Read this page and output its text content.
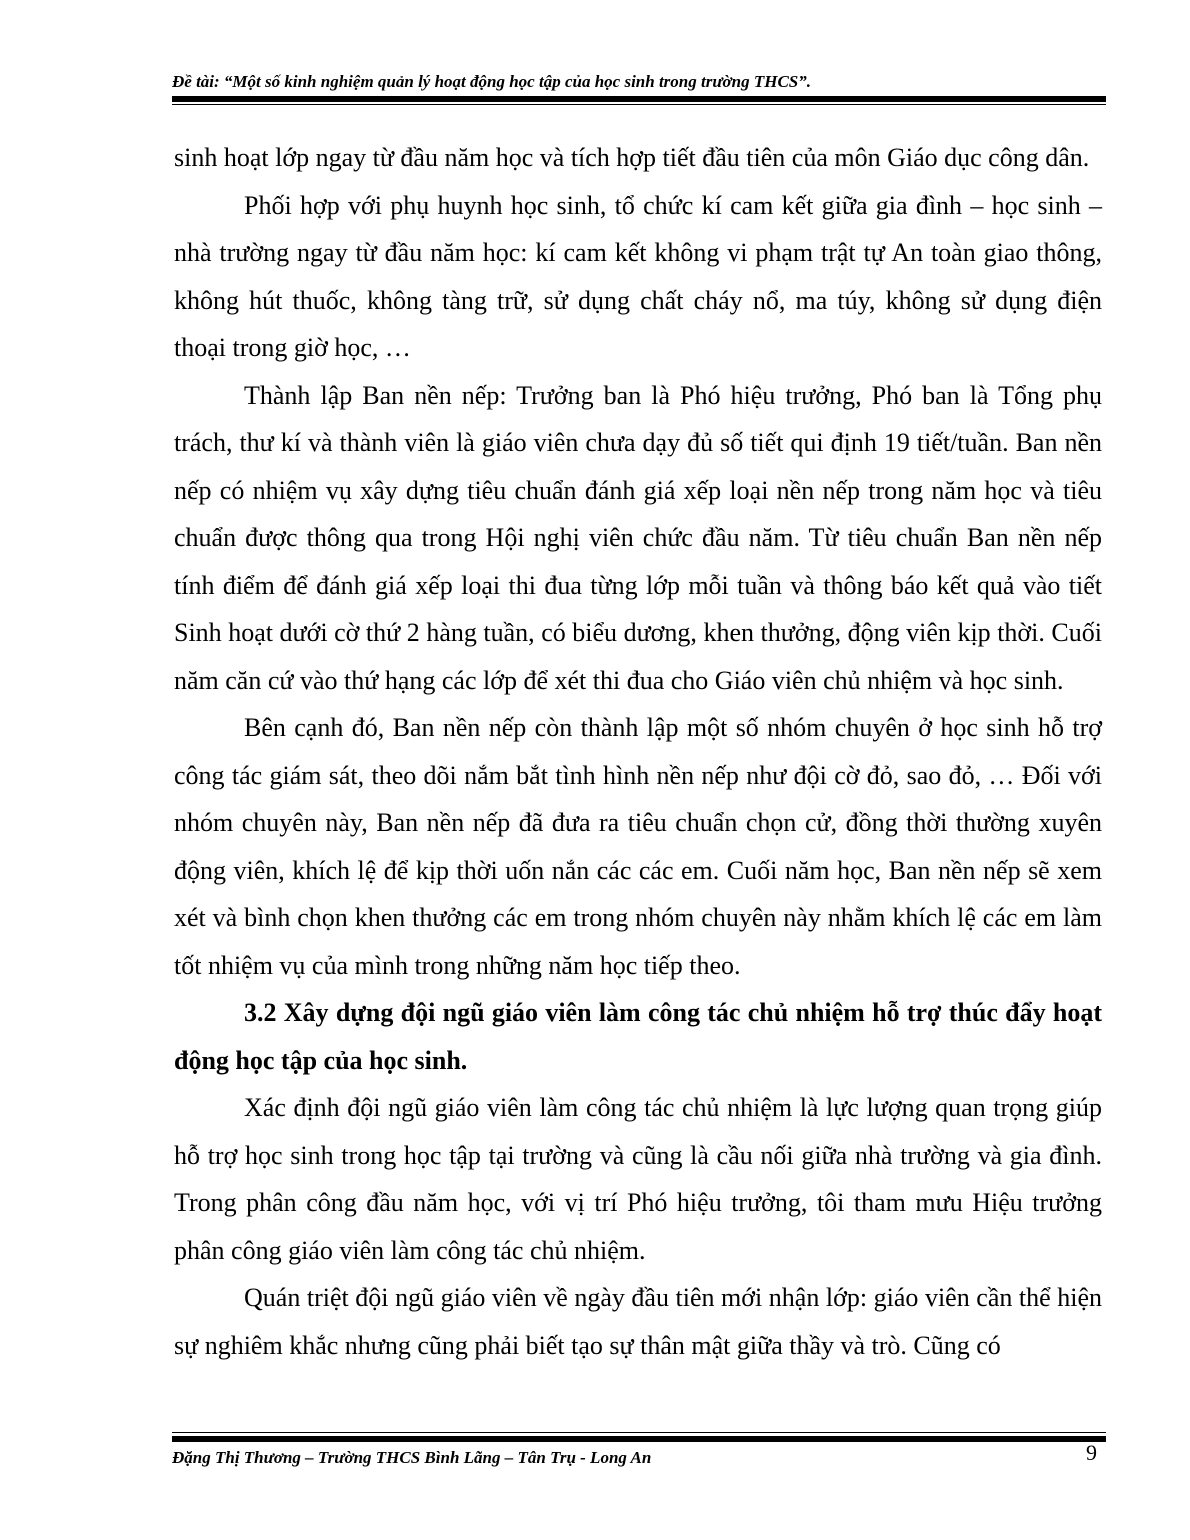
Đề tài: “Một số kinh nghiệm quản lý hoạt động học tập của học sinh trong trường THCS”.

sinh hoạt lớp ngay từ đầu năm học và tích hợp tiết đầu tiên của môn Giáo dục công dân.

Phối hợp với phụ huynh học sinh, tổ chức kí cam kết giữa gia đình – học sinh – nhà trường ngay từ đầu năm học: kí cam kết không vi phạm trật tự An toàn giao thông, không hút thuốc, không tàng trữ, sử dụng chất cháy nổ, ma túy, không sử dụng điện thoại trong giờ học, …

Thành lập Ban nền nếp: Trưởng ban là Phó hiệu trưởng, Phó ban là Tổng phụ trách, thư kí và thành viên là giáo viên chưa dạy đủ số tiết qui định 19 tiết/tuần. Ban nền nếp có nhiệm vụ xây dựng tiêu chuẩn đánh giá xếp loại nền nếp trong năm học và tiêu chuẩn được thông qua trong Hội nghị viên chức đầu năm. Từ tiêu chuẩn Ban nền nếp tính điểm để đánh giá xếp loại thi đua từng lớp mỗi tuần và thông báo kết quả vào tiết Sinh hoạt dưới cờ thứ 2 hàng tuần, có biểu dương, khen thưởng, động viên kịp thời. Cuối năm căn cứ vào thứ hạng các lớp để xét thi đua cho Giáo viên chủ nhiệm và học sinh.

Bên cạnh đó, Ban nền nếp còn thành lập một số nhóm chuyên ở học sinh hỗ trợ công tác giám sát, theo dõi nắm bắt tình hình nền nếp như đội cờ đỏ, sao đỏ, … Đối với nhóm chuyên này, Ban nền nếp đã đưa ra tiêu chuẩn chọn cử, đồng thời thường xuyên động viên, khích lệ để kịp thời uốn nắn các các em. Cuối năm học, Ban nền nếp sẽ xem xét và bình chọn khen thưởng các em trong nhóm chuyên này nhằm khích lệ các em làm tốt nhiệm vụ của mình trong những năm học tiếp theo.

3.2 Xây dựng đội ngũ giáo viên làm công tác chủ nhiệm hỗ trợ thúc đẩy hoạt động học tập của học sinh.

Xác định đội ngũ giáo viên làm công tác chủ nhiệm là lực lượng quan trọng giúp hỗ trợ học sinh trong học tập tại trường và cũng là cầu nối giữa nhà trường và gia đình. Trong phân công đầu năm học, với vị trí Phó hiệu trưởng, tôi tham mưu Hiệu trưởng phân công giáo viên làm công tác chủ nhiệm.

Quán triệt đội ngũ giáo viên về ngày đầu tiên mới nhận lớp: giáo viên cần thể hiện sự nghiêm khắc nhưng cũng phải biết tạo sự thân mật giữa thầy và trò. Cũng có

Đặng Thị Thương – Trường THCS Bình Lãng – Tân Trụ - Long An	9
